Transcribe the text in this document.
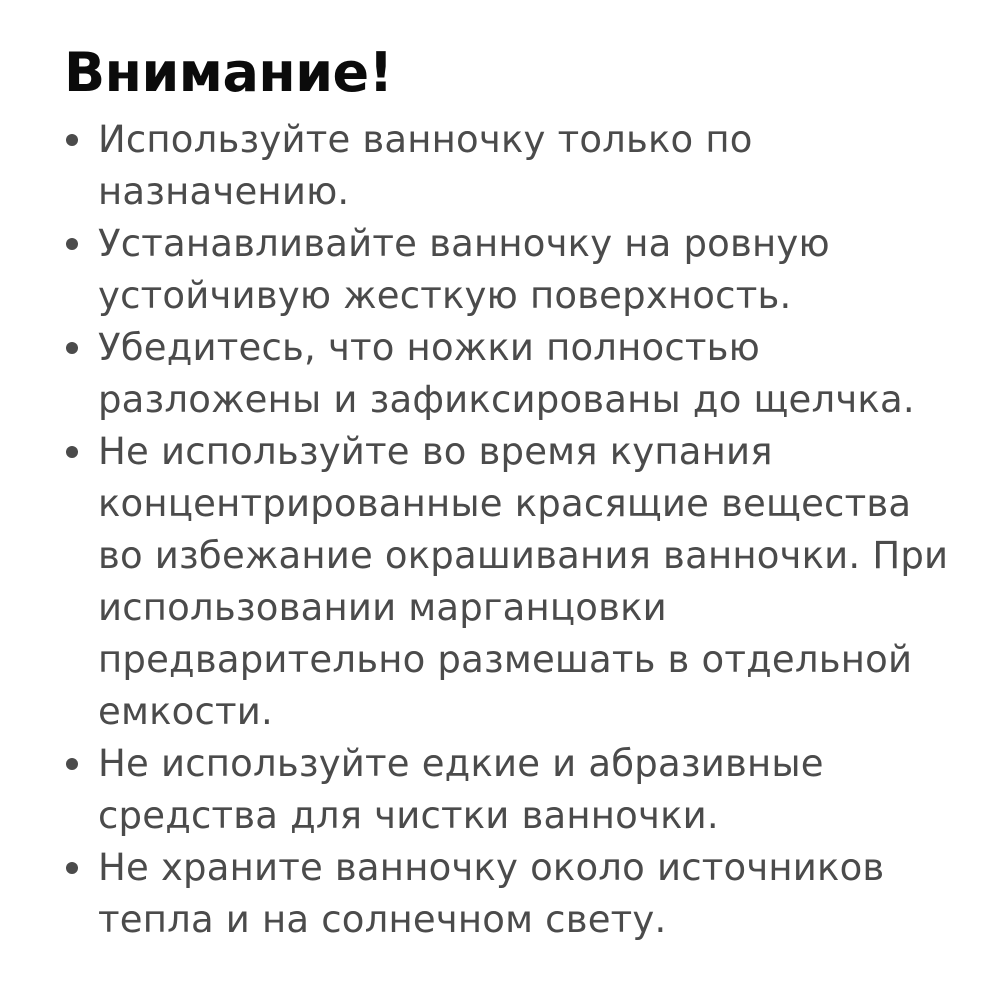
Внимание!
Используйте ванночку только по назначению.
Устанавливайте ванночку на ровную устойчивую жесткую поверхность.
Убедитесь, что ножки полностью разложены и зафиксированы до щелчка.
Не используйте во время купания концентрированные красящие вещества во избежание окрашивания ванночки. При использовании марганцовки предварительно размешать в отдельной емкости.
Не используйте едкие и абразивные средства для чистки ванночки.
Не храните ванночку около источников тепла и на солнечном свету.
